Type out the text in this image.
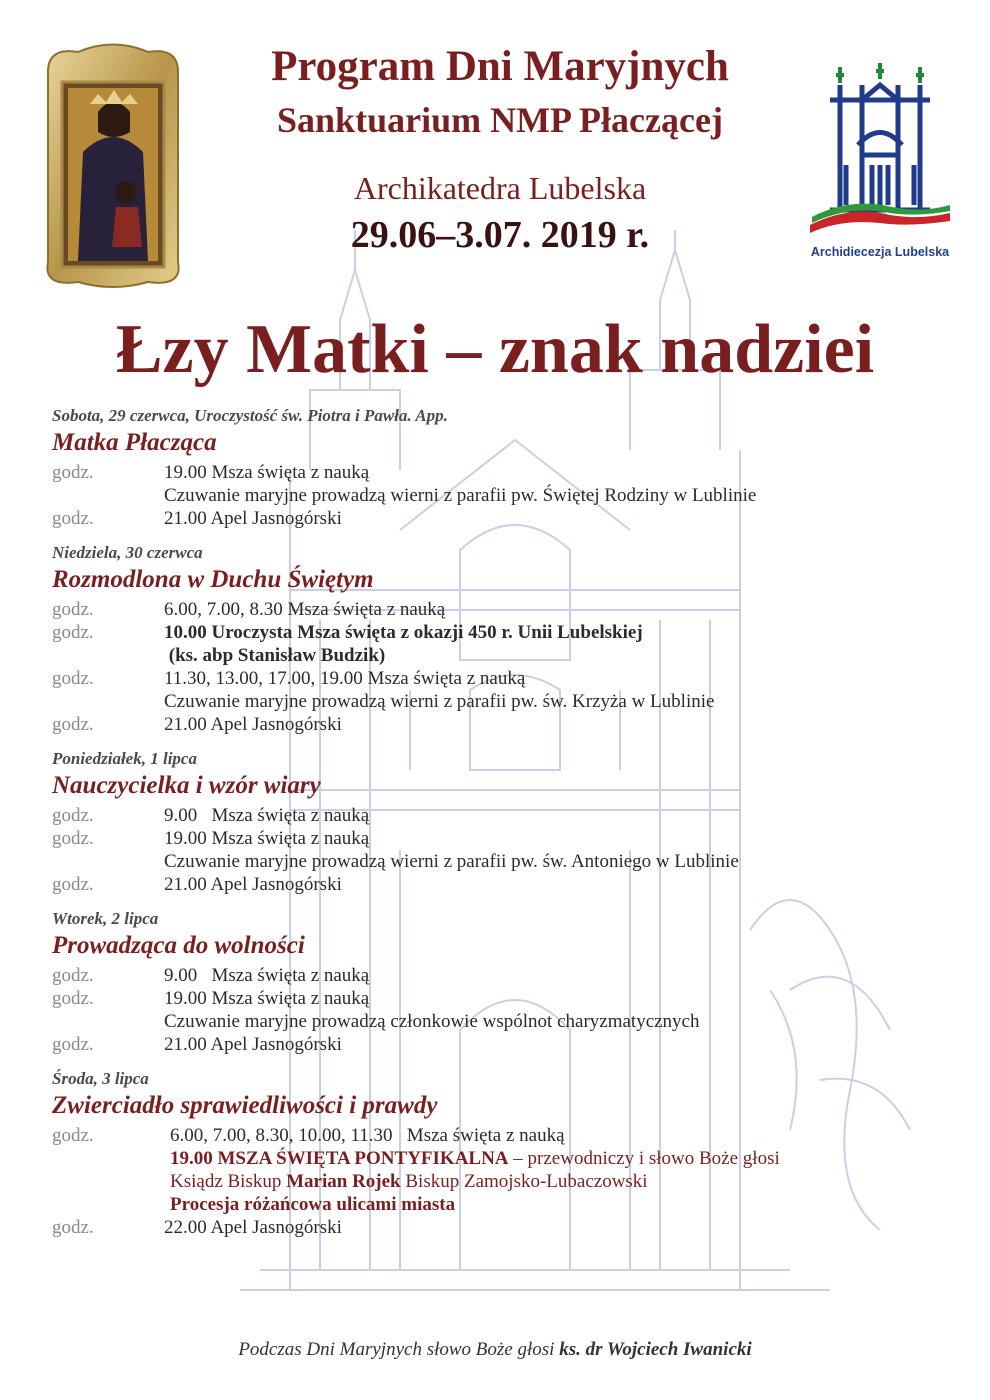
Program Dni Maryjnych
Sanktuarium NMP Płaczącej
Archikatedra Lubelska
29.06–3.07. 2019 r.	Archidiecezja Lubelska
Łzy Matki – znak nadziei
Sobota, 29 czerwca, Uroczystość św. Piotra i Pawła. App.
Matka Płacząca
godz.	19.00 Msza święta z nauką
Czuwanie maryjne prowadzą wierni z parafii pw. Świętej Rodziny w Lublinie
godz.	21.00 Apel Jasnogórski
Niedziela, 30 czerwca
Rozmodlona w Duchu Świętym
godz.	6.00, 7.00, 8.30 Msza święta z nauką
godz.	10.00 Uroczysta Msza święta z okazji 450 r. Unii Lubelskiej
(ks. abp Stanisław Budzik)
godz.	11.30, 13.00, 17.00, 19.00 Msza święta z nauką
Czuwanie maryjne prowadzą wierni z parafii pw. św. Krzyża w Lublinie
godz.	21.00 Apel Jasnogórski
Poniedziałek, 1 lipca
Nauczycielka i wzór wiary
godz.	9.00   Msza święta z nauką
godz.	19.00 Msza święta z nauką
Czuwanie maryjne prowadzą wierni z parafii pw. św. Antoniego w Lublinie
godz.	21.00 Apel Jasnogórski
Wtorek, 2 lipca
Prowadząca do wolności
godz.	9.00   Msza święta z nauką
godz.	19.00 Msza święta z nauką
Czuwanie maryjne prowadzą członkowie wspólnot charyzmatycznych
godz.	21.00 Apel Jasnogórski
Środa, 3 lipca
Zwierciadło sprawiedliwości i prawdy
godz.	6.00, 7.00, 8.30, 10.00, 11.30   Msza święta z nauką
19.00 MSZA ŚWIĘTA PONTYFIKALNA – przewodniczy i słowo Boże głosi
Ksiądz Biskup Marian Rojek Biskup Zamojsko-Lubaczowski
Procesja różańcowa ulicami miasta
godz.	22.00 Apel Jasnogórski
Podczas Dni Maryjnych słowo Boże głosi ks. dr Wojciech Iwanicki
